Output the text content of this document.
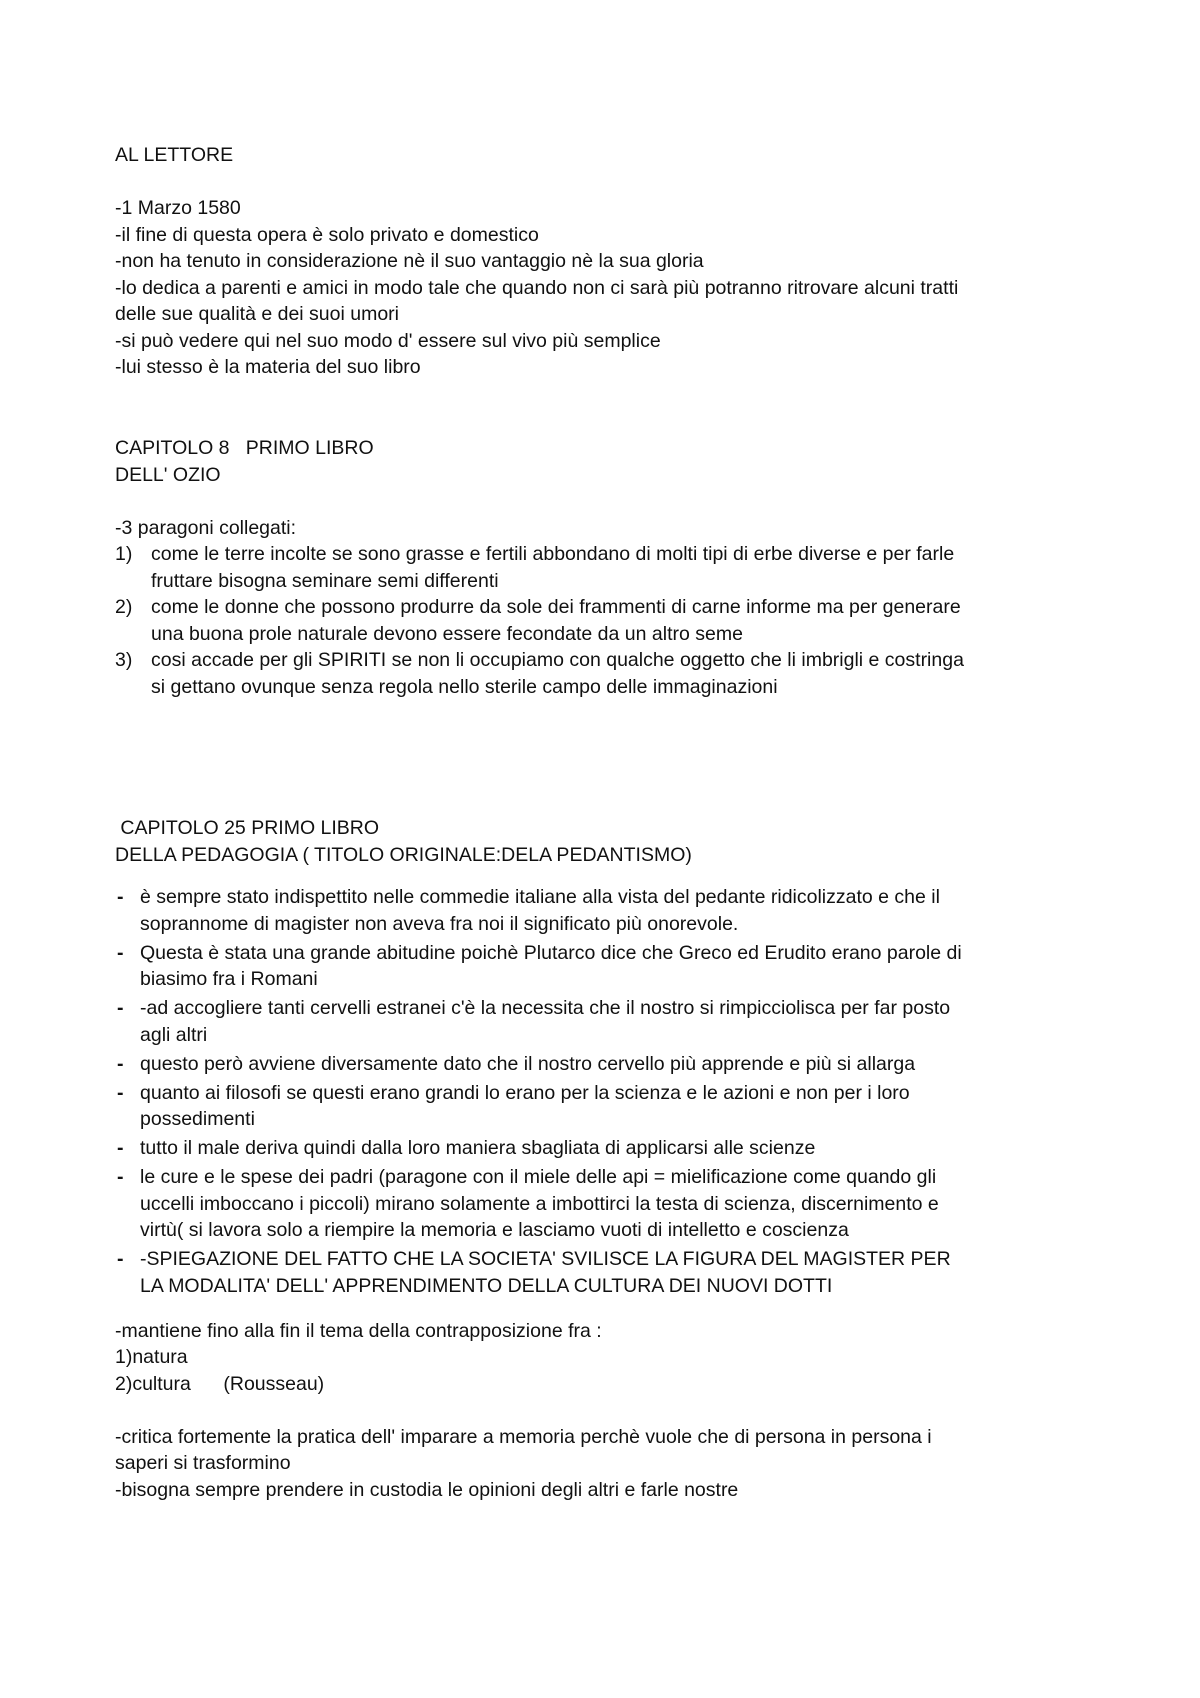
AL LETTORE
-1 Marzo 1580
-il fine di questa opera è solo privato e domestico
-non ha tenuto in considerazione nè il suo vantaggio nè la sua gloria
-lo dedica a parenti e amici in modo tale che quando non ci sarà più potranno ritrovare alcuni tratti
delle sue qualità e dei suoi umori
-si può vedere qui nel suo modo d' essere sul vivo più semplice
-lui stesso è la materia del suo libro
CAPITOLO 8   PRIMO LIBRO
DELL' OZIO
-3 paragoni collegati:
1) come le terre incolte se sono grasse e fertili abbondano di molti tipi di erbe diverse e per farle
fruttare bisogna seminare semi differenti
2) come le donne che possono produrre da sole dei frammenti di carne informe ma per generare
una buona prole naturale devono essere fecondate da un altro seme
3) cosi accade per gli SPIRITI se non li occupiamo con qualche oggetto che li imbrigli e costringa
si gettano ovunque senza regola nello sterile campo delle immaginazioni
CAPITOLO 25 PRIMO LIBRO
DELLA PEDAGOGIA ( TITOLO ORIGINALE:DELA PEDANTISMO)
- è sempre stato indispettito nelle commedie italiane alla vista del pedante ridicolizzato e che il
soprannome di magister non aveva fra noi il significato più onorevole.
- Questa è stata una grande abitudine poichè Plutarco dice che Greco ed Erudito erano parole di
biasimo fra i Romani
- -ad accogliere tanti cervelli estranei c'è la necessita che il nostro si rimpicciolisca per far posto
agli altri
- questo però avviene diversamente dato che il nostro cervello più apprende e più si allarga
- quanto ai filosofi se questi erano grandi lo erano per la scienza e le azioni e non per i loro
possedimenti
- tutto il male deriva quindi dalla loro maniera sbagliata di applicarsi alle scienze
- le cure e le spese dei padri (paragone con il miele delle api = mielificazione come quando gli
uccelli imboccano i piccoli) mirano solamente a imbottirci la testa di scienza, discernimento e
virtù( si lavora solo a riempire la memoria e lasciamo vuoti di intelletto e coscienza
- -SPIEGAZIONE DEL FATTO CHE LA SOCIETA' SVILISCE LA FIGURA DEL MAGISTER PER
LA MODALITA' DELL' APPRENDIMENTO DELLA CULTURA DEI NUOVI DOTTI
-mantiene fino alla fin il tema della contrapposizione fra :
1)natura
2)cultura      (Rousseau)
-critica fortemente la pratica dell' imparare a memoria perchè vuole che di persona in persona i
saperi si trasformino
-bisogna sempre prendere in custodia le opinioni degli altri e farle nostre
